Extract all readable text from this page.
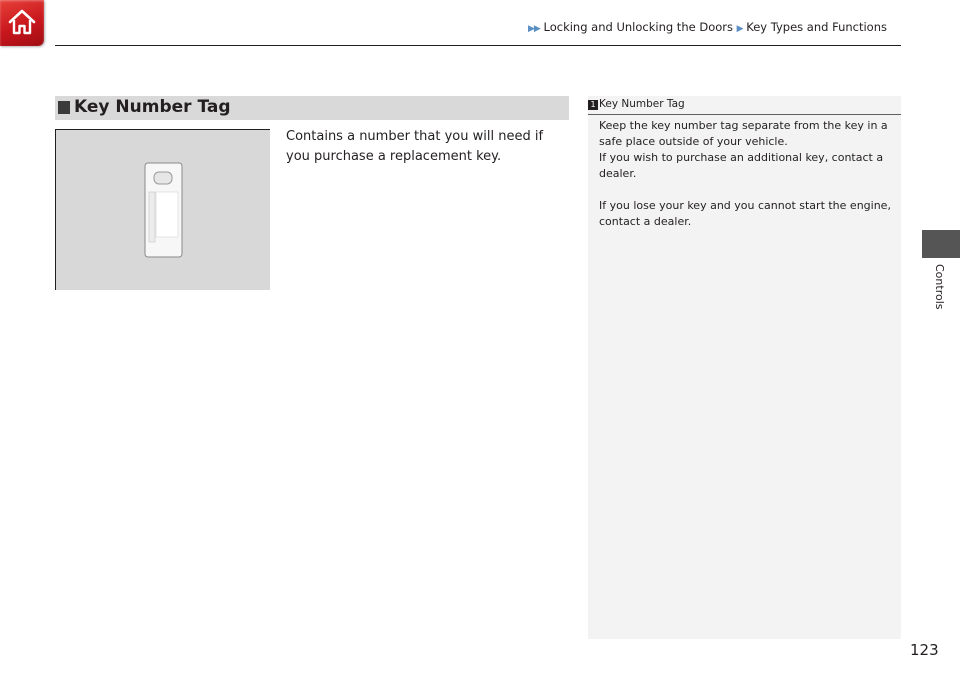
▶▶ Locking and Unlocking the Doors ▶ Key Types and Functions
Key Number Tag
Contains a number that you will need if you purchase a replacement key.
1 Key Number Tag

Keep the key number tag separate from the key in a safe place outside of your vehicle.

If you wish to purchase an additional key, contact a dealer.

If you lose your key and you cannot start the engine, contact a dealer.

Controls
123
